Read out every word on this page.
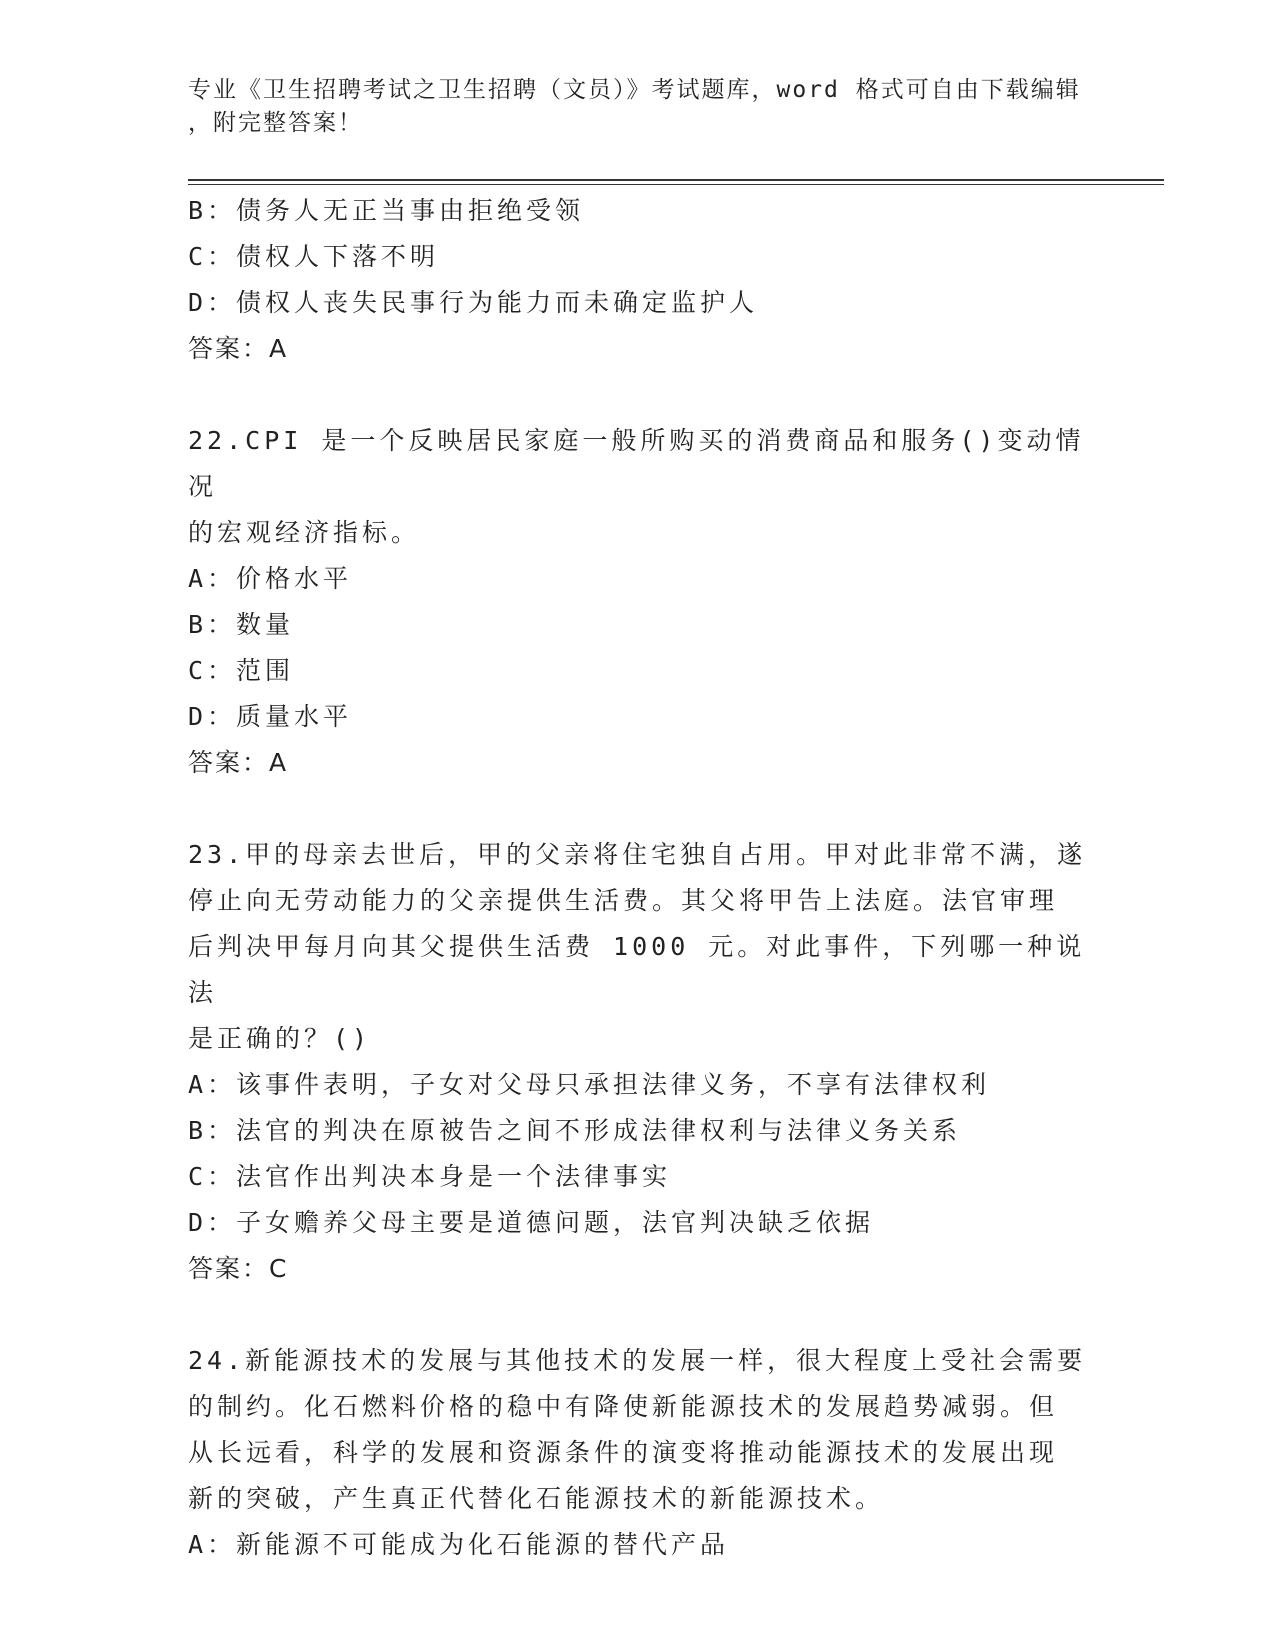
专业《卫生招聘考试之卫生招聘（文员）》考试题库，word 格式可自由下载编辑
，附完整答案！
B：债务人无正当事由拒绝受领
C：债权人下落不明
D：债权人丧失民事行为能力而未确定监护人
答案：A
22.CPI 是一个反映居民家庭一般所购买的消费商品和服务()变动情况
的宏观经济指标。
A：价格水平
B：数量
C：范围
D：质量水平
答案：A
23.甲的母亲去世后，甲的父亲将住宅独自占用。甲对此非常不满，遂
停止向无劳动能力的父亲提供生活费。其父将甲告上法庭。法官审理
后判决甲每月向其父提供生活费 1000 元。对此事件，下列哪一种说法
是正确的？()
A：该事件表明，子女对父母只承担法律义务，不享有法律权利
B：法官的判决在原被告之间不形成法律权利与法律义务关系
C：法官作出判决本身是一个法律事实
D：子女赡养父母主要是道德问题，法官判决缺乏依据
答案：C
24.新能源技术的发展与其他技术的发展一样，很大程度上受社会需要
的制约。化石燃料价格的稳中有降使新能源技术的发展趋势减弱。但
从长远看，科学的发展和资源条件的演变将推动能源技术的发展出现
新的突破，产生真正代替化石能源技术的新能源技术。
A：新能源不可能成为化石能源的替代产品
